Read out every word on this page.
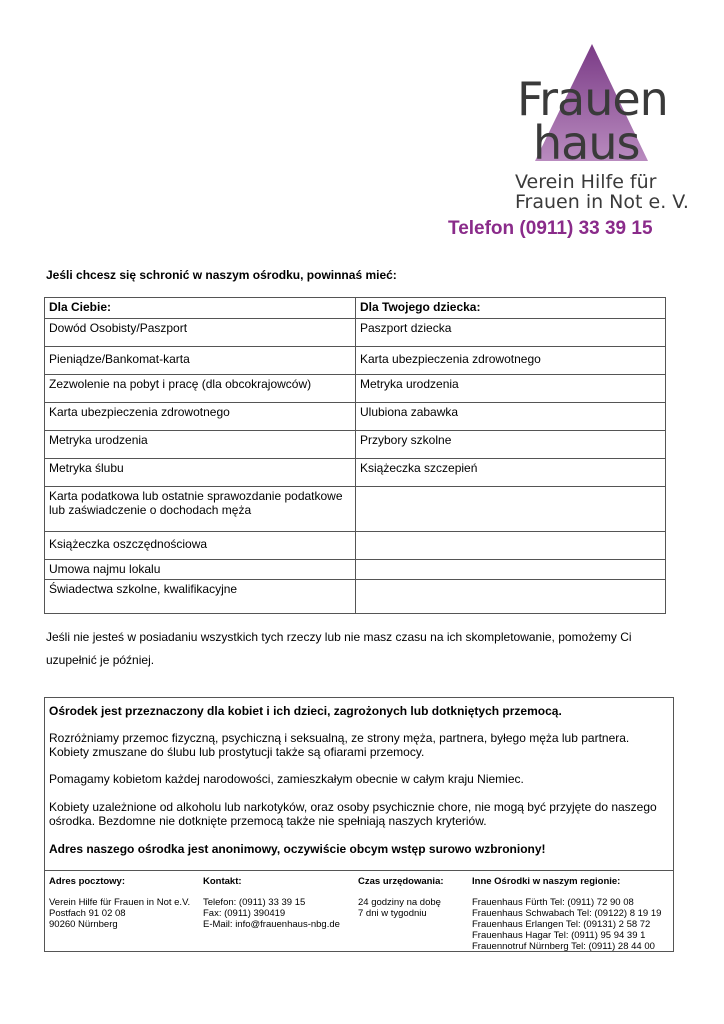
Frauen
haus
Verein Hilfe für
Frauen in Not e. V.
Telefon (0911) 33 39 15
Jeśli chcesz się schronić w naszym ośrodku, powinnaś mieć:
Dla Ciebie:	Dla Twojego dziecka:
Dowód Osobisty/Paszport	Paszport dziecka
Pieniądze/Bankomat-karta	Karta ubezpieczenia zdrowotnego
Zezwolenie na pobyt i pracę (dla obcokrajowców)	Metryka urodzenia
Karta ubezpieczenia zdrowotnego	Ulubiona zabawka
Metryka urodzenia	Przybory szkolne
Metryka ślubu	Książeczka szczepień
Karta podatkowa lub ostatnie sprawozdanie podatkowe lub zaświadczenie o dochodach męża	
Książeczka oszczędnościowa	
Umowa najmu lokalu	
Świadectwa szkolne, kwalifikacyjne	
Jeśli nie jesteś w posiadaniu wszystkich tych rzeczy lub nie masz czasu na ich skompletowanie, pomożemy Ci uzupełnić je później.
Ośrodek jest przeznaczony dla kobiet i ich dzieci, zagrożonych lub dotkniętych przemocą.
Rozróżniamy przemoc fizyczną, psychiczną i seksualną, ze strony męża, partnera, byłego męża lub partnera. Kobiety zmuszane do ślubu lub prostytucji także są ofiarami przemocy.
Pomagamy kobietom każdej narodowości, zamieszkałym obecnie w całym kraju Niemiec.
Kobiety uzależnione od alkoholu lub narkotyków, oraz osoby psychicznie chore, nie mogą być przyjęte do naszego ośrodka. Bezdomne nie dotknięte przemocą także nie spełniają naszych kryteriów.
Adres naszego ośrodka jest anonimowy, oczywiście obcym wstęp surowo wzbroniony!
Adres pocztowy:
Verein Hilfe für Frauen in Not e.V.
Postfach 91 02 08
90260 Nürnberg
Kontakt:
Telefon: (0911) 33 39 15
Fax: (0911) 390419
E-Mail: info@frauenhaus-nbg.de
Czas urzędowania:
24 godziny na dobę
7 dni w tygodniu
Inne Ośrodki w naszym regionie:
Frauenhaus Fürth Tel: (0911) 72 90 08
Frauenhaus Schwabach Tel: (09122) 8 19 19
Frauenhaus Erlangen Tel: (09131) 2 58 72
Frauenhaus Hagar Tel: (0911) 95 94 39 1
Frauennotruf Nürnberg Tel: (0911) 28 44 00
